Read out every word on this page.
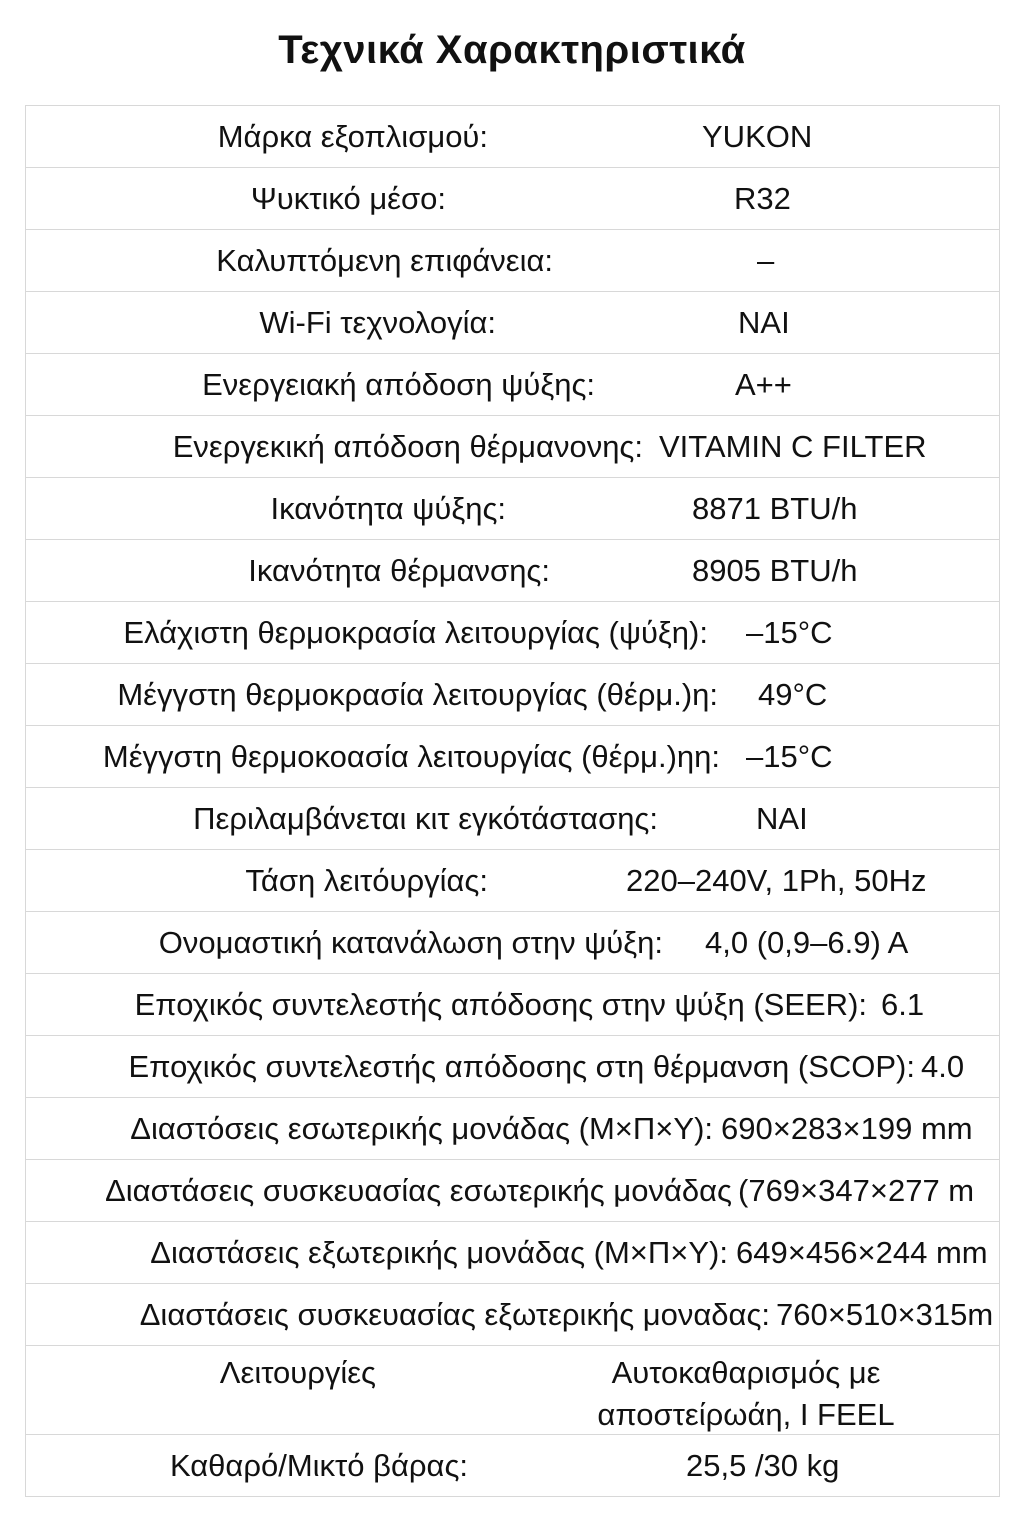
Τεχνικά Χαρακτηριστικά
Μάρκα εξοπλισμού:	YUKON
Ψυκτικό μέσο:	R32
Καλυπτόμενη επιφάνεια:	–
Wi-Fi τεχνολογία:	NAI
Ενεργειακή απόδοση ψύξης:	A++
Ενεργεκική απόδοση θέρμανονης: VITAMIN C FILTER
Ικανότητα ψύξης:	8871 BTU/h
Ικανότητα θέρμανσης:	8905 BTU/h
Ελάχιστη θερμοκρασία λειτουργίας (ψύξη):	–15°C
Μέγγστη θερμοκρασία λειτουργίας (θέρμ.)η:	49°C
Μέγγστη θερμοκοασία λειτουργίας (θέρμ.)ηη: –15°C
Περιλαμβάνεται κιτ εγκότάστασης:	NAI
Τάση λειτόυργίας:	220–240V, 1Ph, 50Hz
Ονομαστική κατανάλωση στην ψύξη:	4,0 (0,9–6.9) A
Εποχικός συντελεστής απόδοσης στην ψύξη (SEER): 6.1
Εποχικός συντελεστής απόδοσης στη θέρμανση (SCOP): 4.0
Διαστόσεις εσωτερικής μονάδας (Μ×Π×Υ): 690×283×199 mm
Διαστάσεις συσκευασίας εσωτερικής μονάδας (769×347×277 m
Διαστάσεις εξωτερικής μονάδας (Μ×Π×Υ): 649×456×244 mm
Διαστάσεις συσκευασίας εξωτερικής μοναδας: 760×510×315m
Λειτουργίες	Αυτοκαθαρισμός με αποστείρωάη, I FEEL
Καθαρό/Μικτό βάρας:	25,5 /30 kg
